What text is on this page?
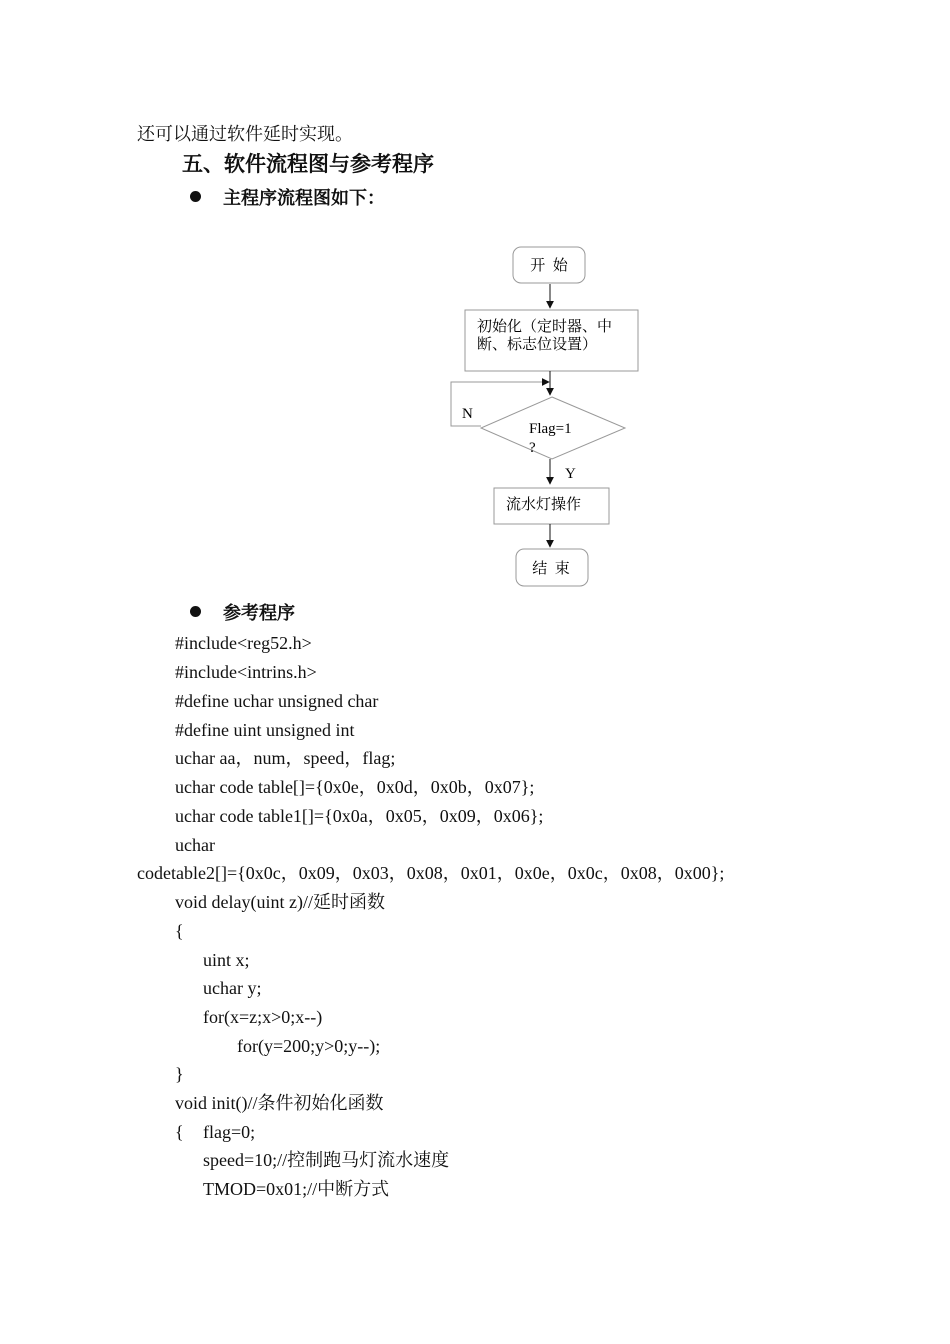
还可以通过软件延时实现。
五、软件流程图与参考程序
主程序流程图如下：
开  始
初始化（定时器、中
断、标志位设置）
Flag=1
?
N
Y
流水灯操作
结  束
参考程序
#include<reg52.h>
#include<intrins.h>
#define uchar unsigned char
#define uint unsigned int
uchar aa，num，speed，flag;
uchar code table[]={0x0e，0x0d，0x0b，0x07};
uchar code table1[]={0x0a，0x05，0x09，0x06};
uchar
codetable2[]={0x0c，0x09，0x03，0x08，0x01，0x0e，0x0c，0x08，0x00};
void delay(uint z)//延时函数
{
uint x;
uchar y;
for(x=z;x>0;x--)
for(y=200;y>0;y--);
}
void init()//条件初始化函数
{ flag=0;
speed=10;//控制跑马灯流水速度
TMOD=0x01;//中断方式
